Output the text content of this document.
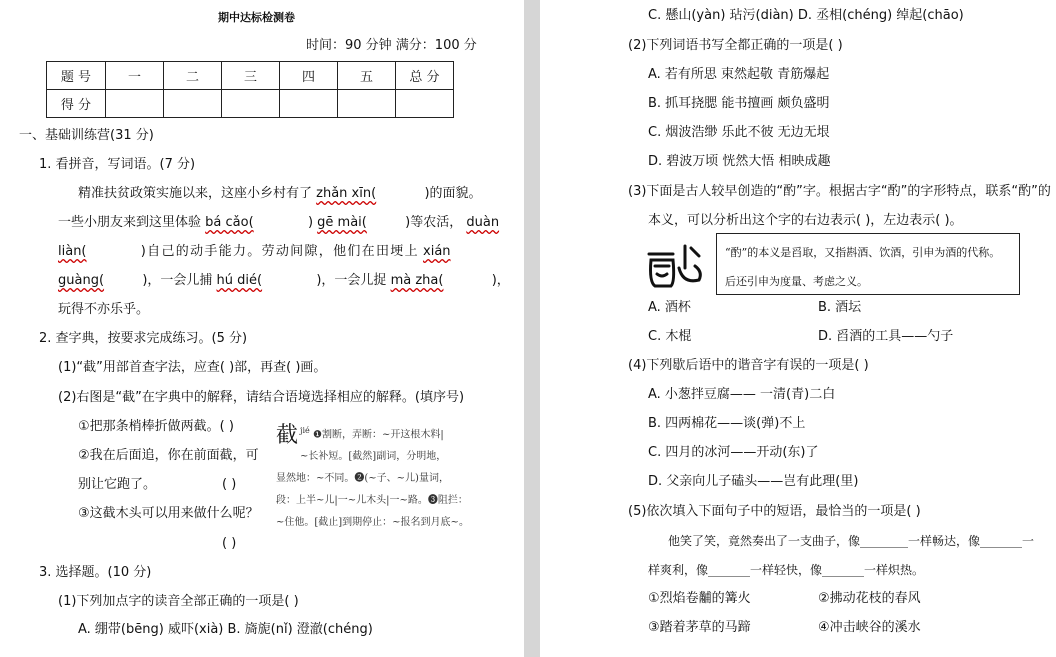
期中达标检测卷
时间：90 分钟 满分：100 分
题 号	一	二	三	四	五	总 分
得 分						
一、基础训练营(31 分)
1. 看拼音，写词语。(7 分)
精准扶贫政策实施以来，这座小乡村有了 zhǎn xīn(	)的面貌。
一些小朋友来到这里体验 bá cǎo(	) gē mài(	)等农活， duàn
liàn(	)自己的动手能力。劳动间隙，他们在田埂上 xián
guàng(	)，一会儿捕 hú dié(	)，一会儿捉 mà zha(	)，
玩得不亦乐乎。
2. 查字典，按要求完成练习。(5 分)
(1)“截”用部首查字法，应查( )部，再查( )画。
(2)右图是“截”在字典中的解释，请结合语境选择相应的解释。(填序号)
①把那条梢棒折做两截。( )
②我在后面追，你在前面截，可
别让它跑了。	( )
③这截木头可以用来做什么呢？
( )
截 $^{jié}$ ❶割断，弄断：~开这根木料|
~长补短。[截然]副词，分明地，
显然地：~不同。❷(~子、~儿)量词，
段：上半~儿|一~儿木头|一~路。❸阻拦：
~住他。[截止]到期停止：~报名到月底~。
3. 选择题。(10 分)
(1)下列加点字的读音全部正确的一项是( )
A. 绷带(bēng) 威吓(xià) B. 旖旎(nǐ) 澄澈(chéng)
C. 懸山(yàn) 玷污(diàn) D. 丞相(chéng) 绰起(chāo)
(2)下列词语书写全都正确的一项是( )
A. 若有所思 束然起敬 青筋爆起
B. 抓耳挠腮 能书擅画 颇负盛明
C. 烟波浩缈 乐此不彼 无边无垠
D. 碧波万顷 恍然大悟 相映成趣
(3)下面是古人较早创造的“酌”字。根据古字“酌”的字形特点，联系“酌”的
本义，可以分析出这个字的右边表示( )，左边表示( )。
“酌”的本义是舀取，又指斟酒、饮酒，引申为酒的代称。后还引申为度量、考虑之义。
A. 酒杯	B. 酒坛
C. 木棍	D. 舀酒的工具——勺子
(4)下列歇后语中的谐音字有误的一项是( )
A. 小葱拌豆腐—— 一清(青)二白
B. 四两棉花——谈(弹)不上
C. 四月的冰河——开动(东)了
D. 父亲向儿子磕头——岂有此理(里)
(5)依次填入下面句子中的短语，最恰当的一项是( )
他笑了笑，竟然奏出了一支曲子，像________一样畅达，像_______一
样爽利，像_______一样轻快，像_______一样炽热。
①烈焰卷黼的篝火	②拂动花枝的春风
③踏着茅草的马蹄	④冲击峡谷的溪水
